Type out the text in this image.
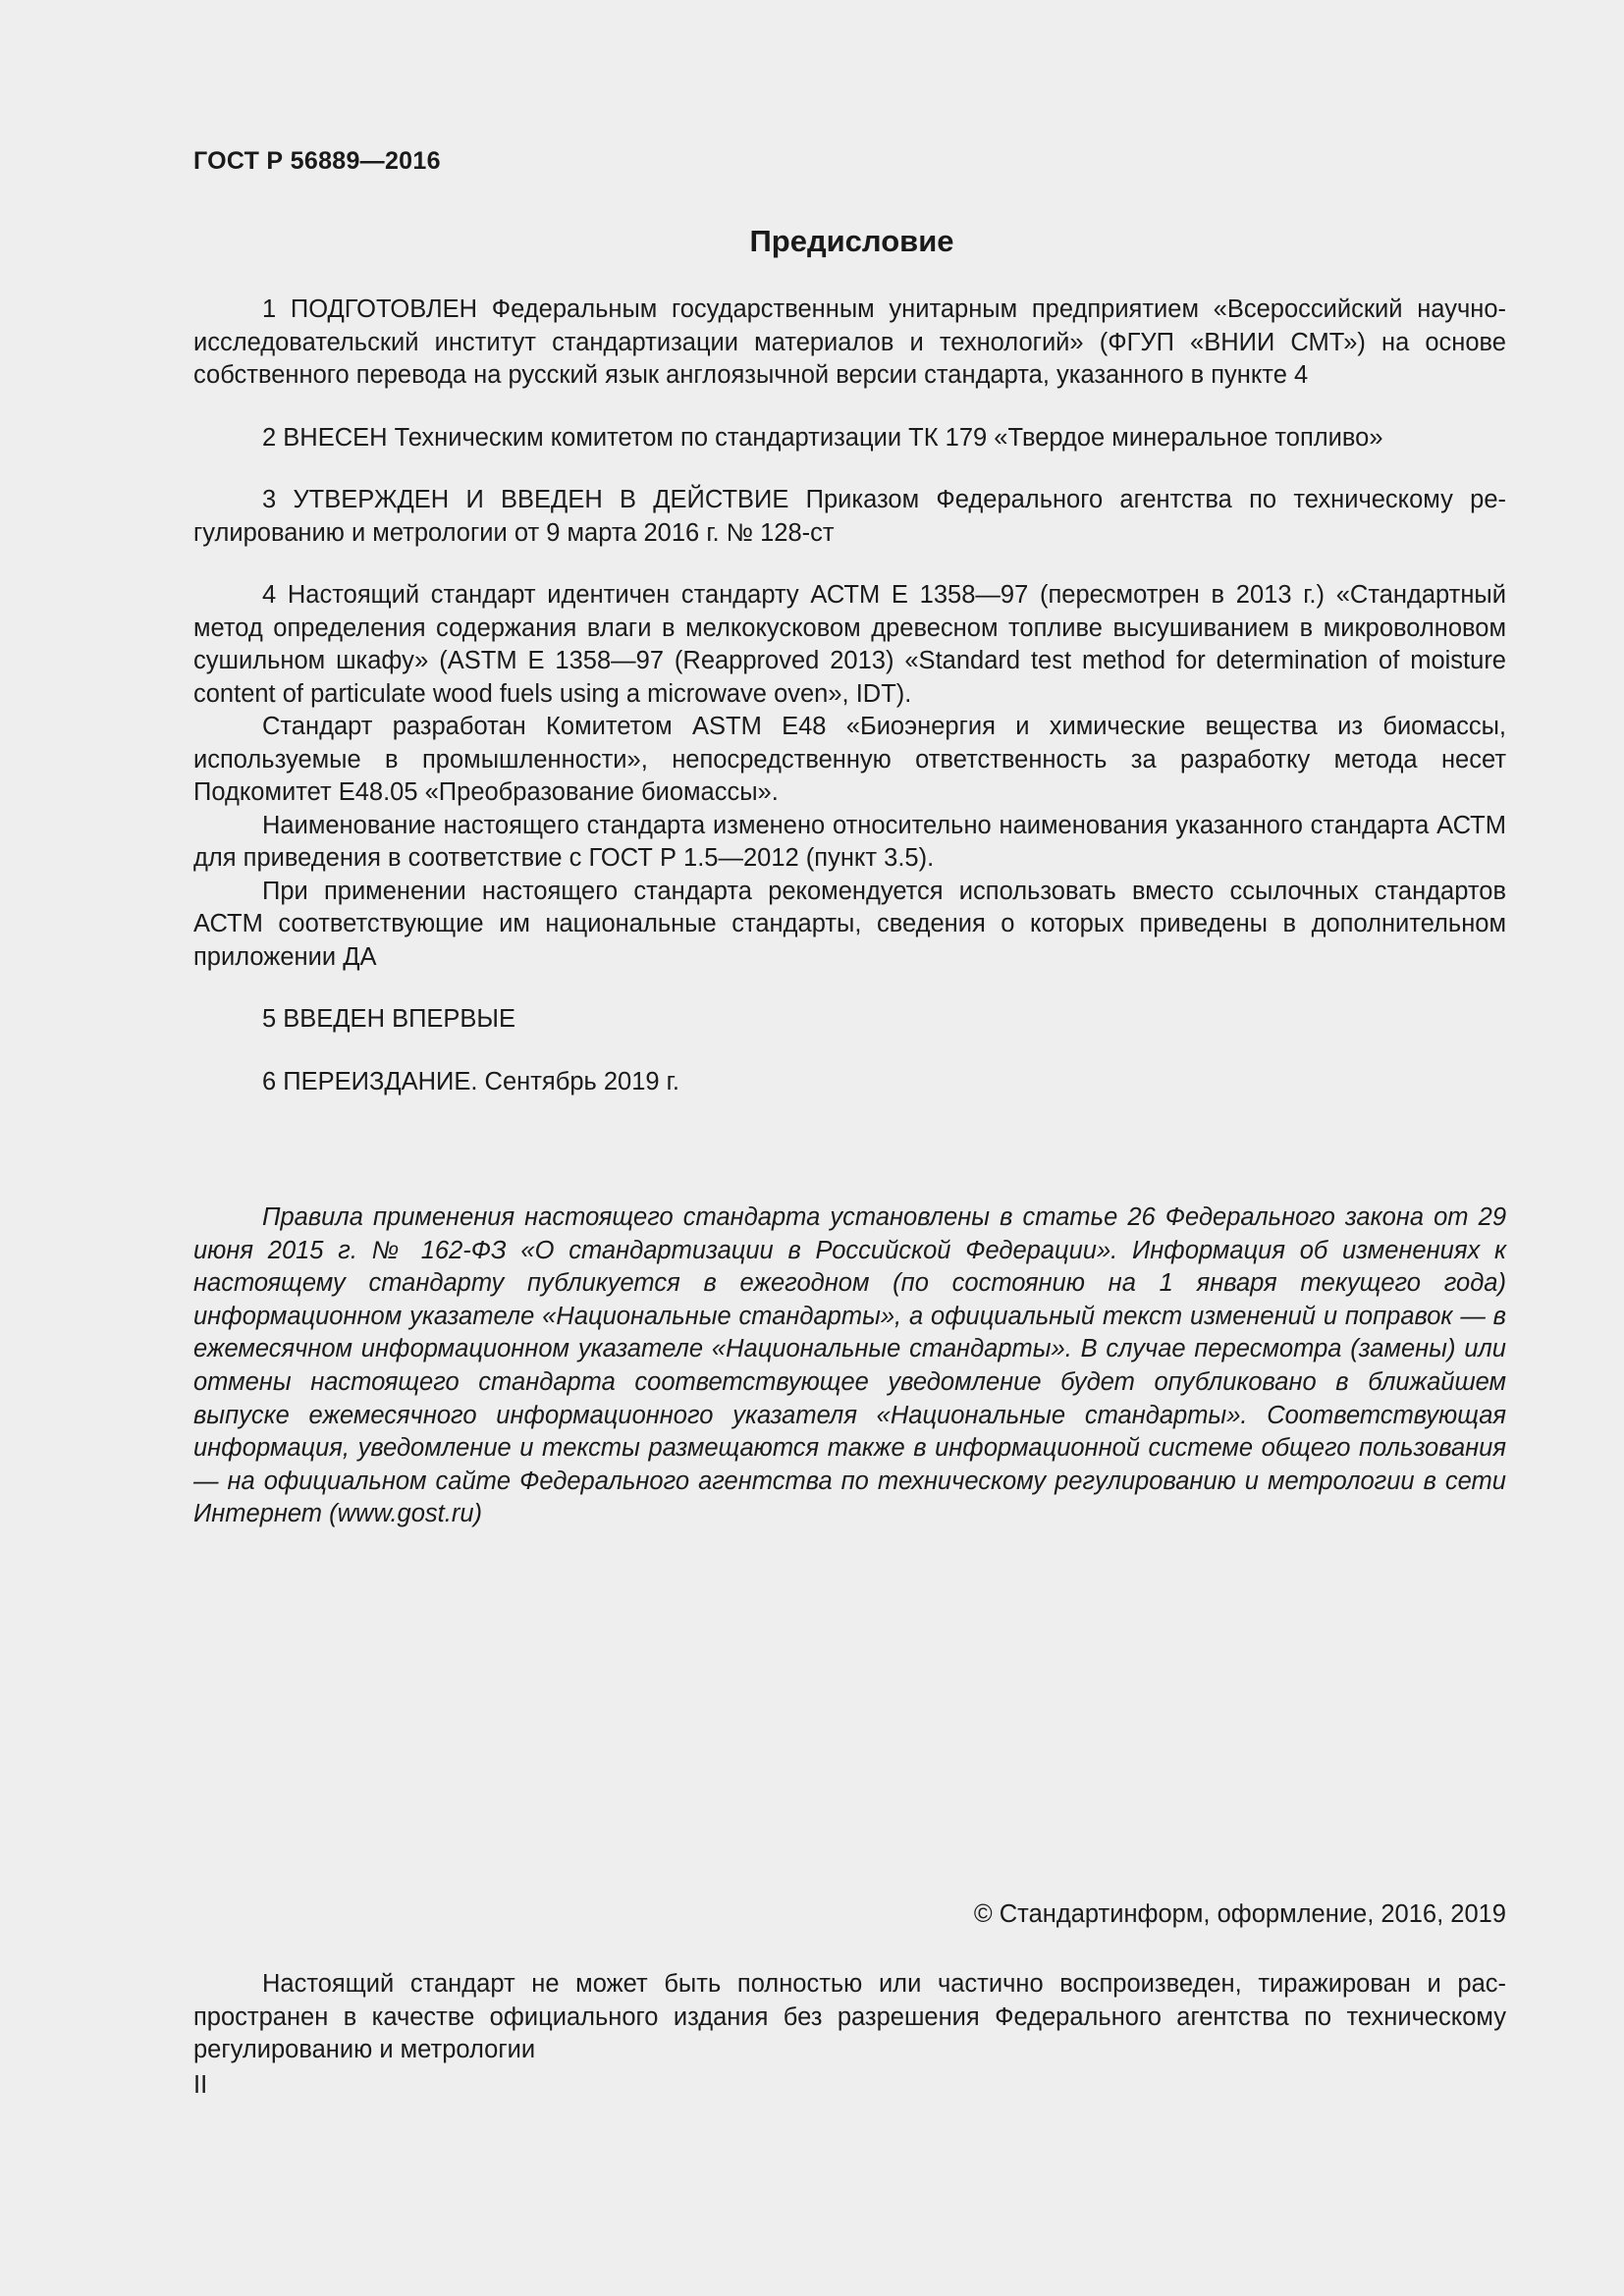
ГОСТ Р 56889—2016
Предисловие

1 ПОДГОТОВЛЕН Федеральным государственным унитарным предприятием «Всероссийский научно-исследовательский институт стандартизации материалов и технологий» (ФГУП «ВНИИ СМТ») на основе собственного перевода на русский язык англоязычной версии стандарта, указанного в пункте 4

2 ВНЕСЕН Техническим комитетом по стандартизации ТК 179 «Твердое минеральное топливо»

3 УТВЕРЖДЕН И ВВЕДЕН В ДЕЙСТВИЕ Приказом Федерального агентства по техническому регулированию и метрологии от 9 марта 2016 г. № 128-ст

4 Настоящий стандарт идентичен стандарту АСТМ Е 1358—97 (пересмотрен в 2013 г.) «Стандартный метод определения содержания влаги в мелкокусковом древесном топливе высушиванием в микроволновом сушильном шкафу» (ASTM E 1358—97 (Reapproved 2013) «Standard test method for determination of moisture content of particulate wood fuels using a microwave oven», IDT).

Стандарт разработан Комитетом ASTM E48 «Биоэнергия и химические вещества из биомассы, используемые в промышленности», непосредственную ответственность за разработку метода несет Подкомитет E48.05 «Преобразование биомассы».

Наименование настоящего стандарта изменено относительно наименования указанного стандарта АСТМ для приведения в соответствие с ГОСТ Р 1.5—2012 (пункт 3.5).

При применении настоящего стандарта рекомендуется использовать вместо ссылочных стандартов АСТМ соответствующие им национальные стандарты, сведения о которых приведены в дополнительном приложении ДА

5 ВВЕДЕН ВПЕРВЫЕ

6 ПЕРЕИЗДАНИЕ. Сентябрь 2019 г.

Правила применения настоящего стандарта установлены в статье 26 Федерального закона от 29 июня 2015 г. № 162-ФЗ «О стандартизации в Российской Федерации». Информация об изменениях к настоящему стандарту публикуется в ежегодном (по состоянию на 1 января текущего года) информационном указателе «Национальные стандарты», а официальный текст изменений и поправок — в ежемесячном информационном указателе «Национальные стандарты». В случае пересмотра (замены) или отмены настоящего стандарта соответствующее уведомление будет опубликовано в ближайшем выпуске ежемесячного информационного указателя «Национальные стандарты». Соответствующая информация, уведомление и тексты размещаются также в информационной системе общего пользования — на официальном сайте Федерального агентства по техническому регулированию и метрологии в сети Интернет (www.gost.ru)
© Стандартинформ, оформление, 2016, 2019
Настоящий стандарт не может быть полностью или частично воспроизведен, тиражирован и распространен в качестве официального издания без разрешения Федерального агентства по техническому регулированию и метрологии
II
